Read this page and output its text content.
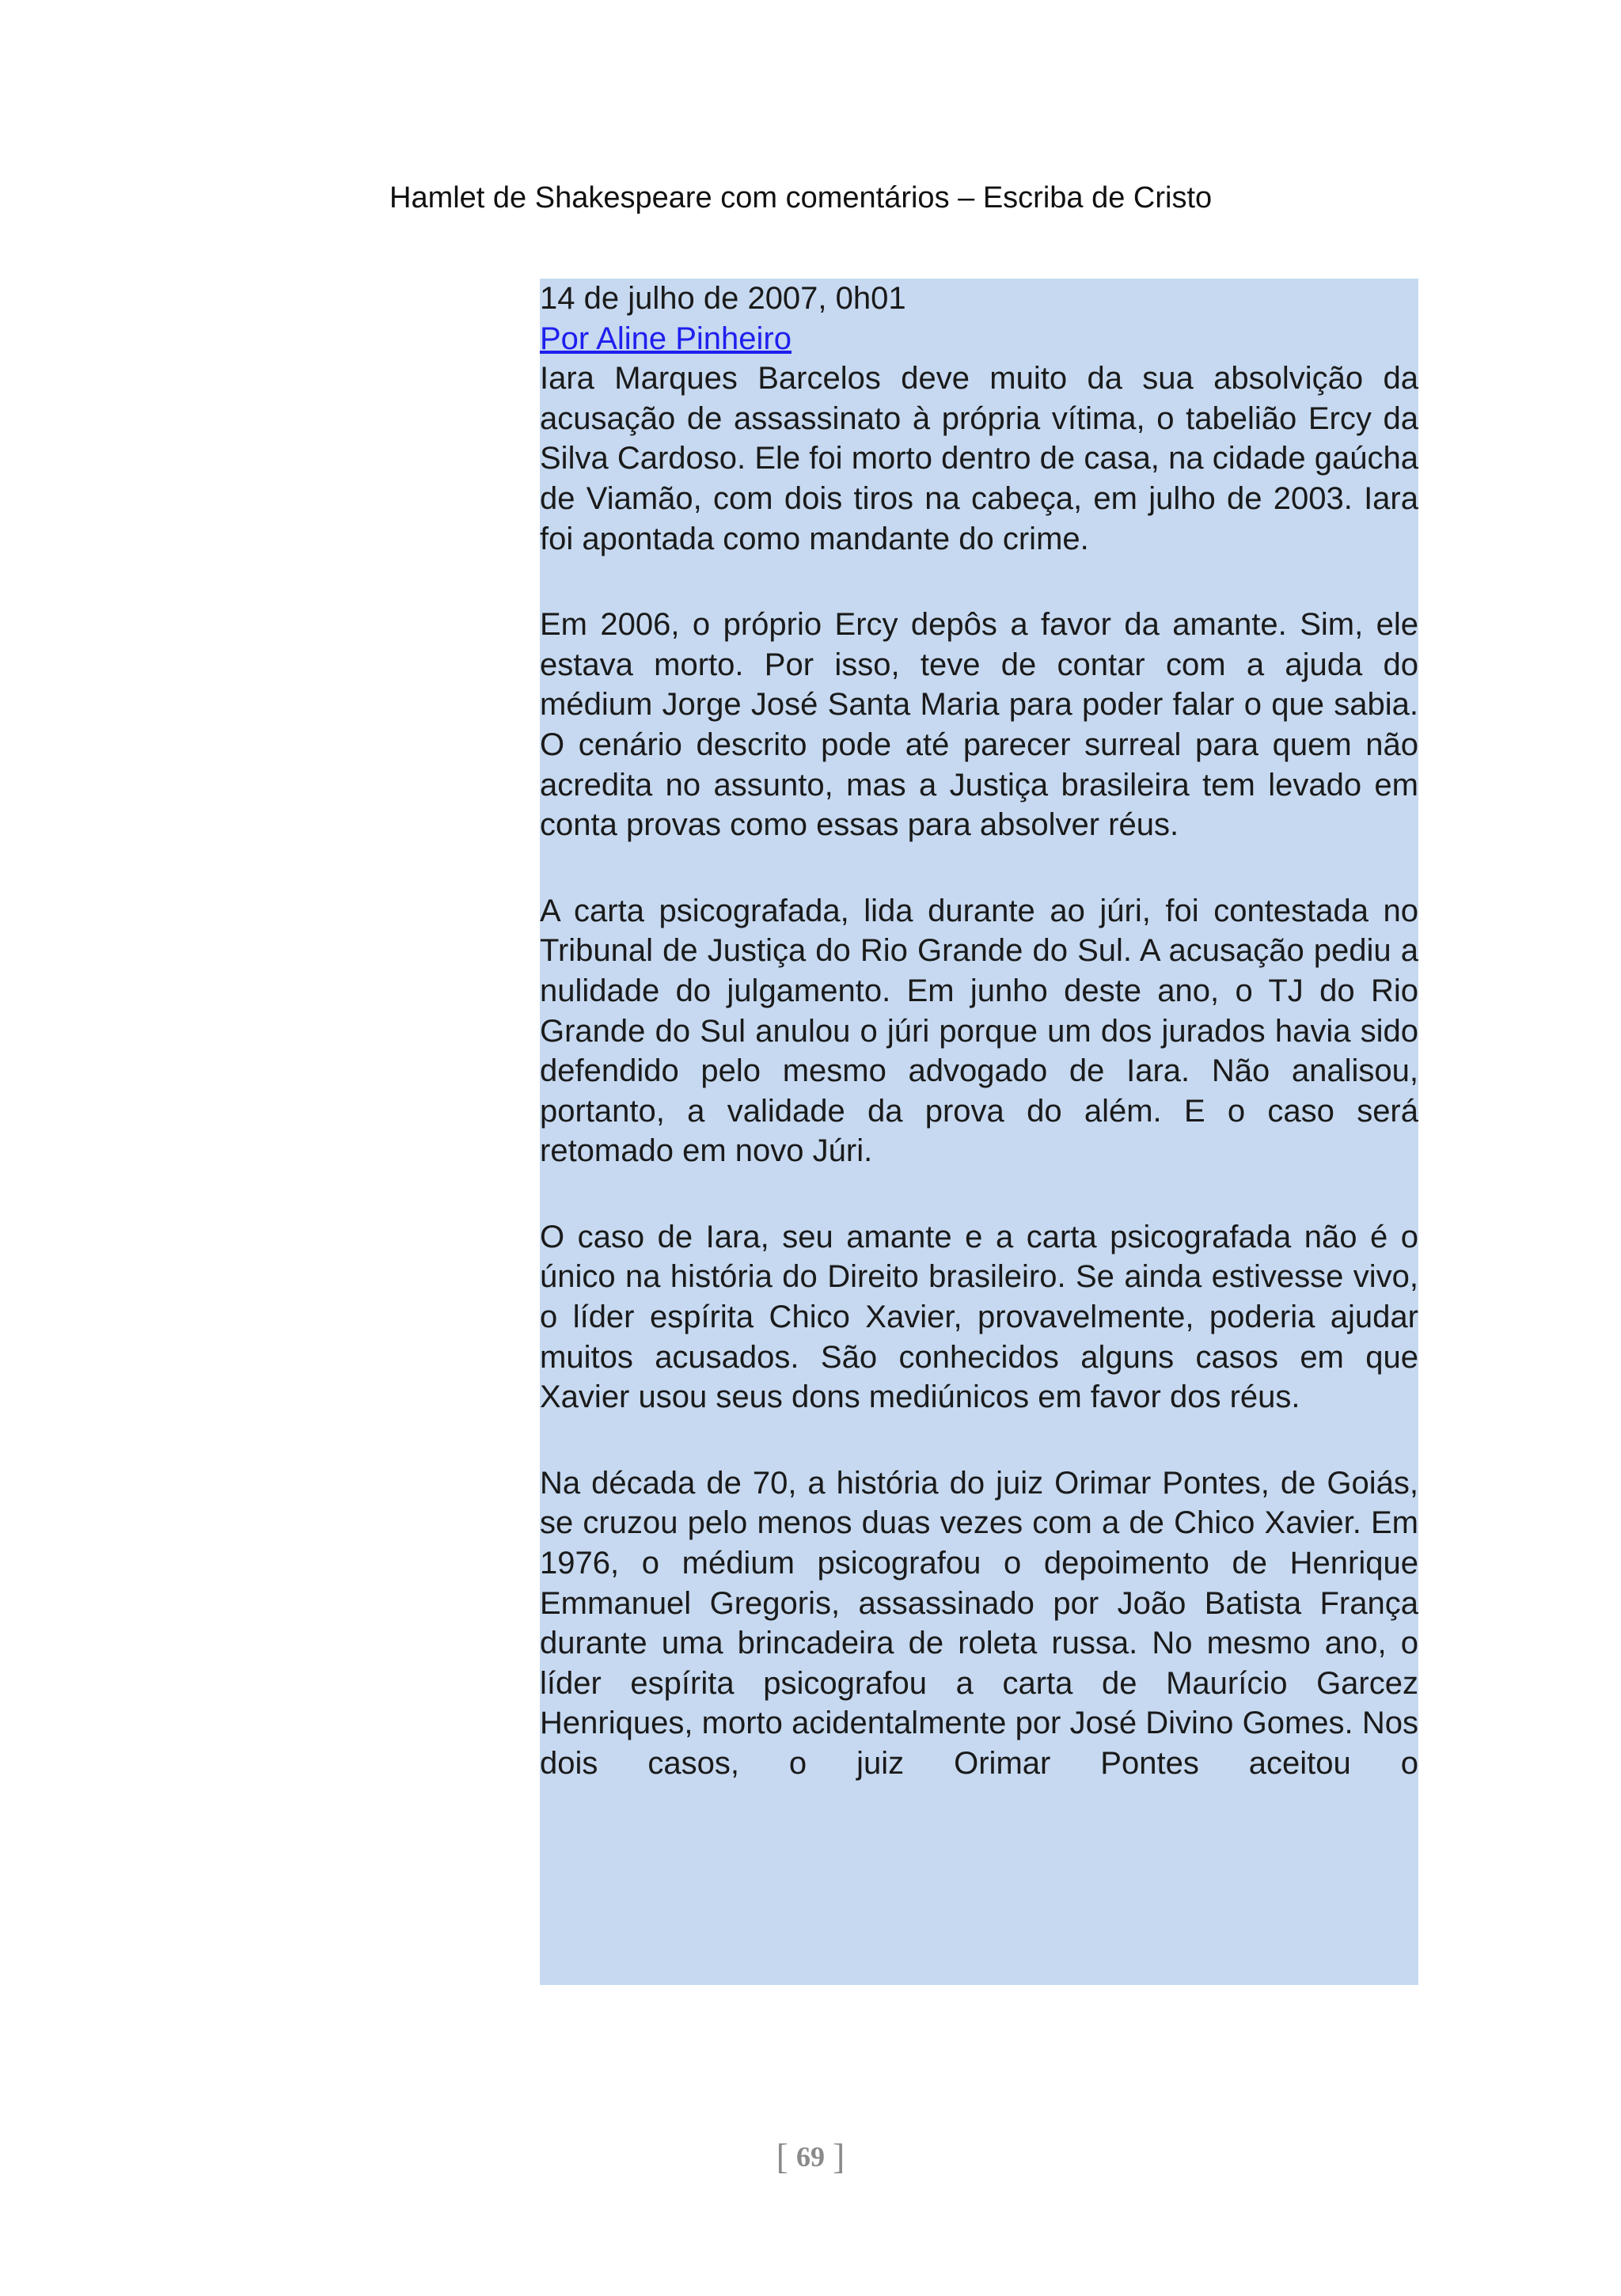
Hamlet de Shakespeare com comentários – Escriba de Cristo
14 de julho de 2007, 0h01
Por Aline Pinheiro

Iara Marques Barcelos deve muito da sua absolvição da acusação de assassinato à própria vítima, o tabelião Ercy da Silva Cardoso. Ele foi morto dentro de casa, na cidade gaúcha de Viamão, com dois tiros na cabeça, em julho de 2003. Iara foi apontada como mandante do crime.

Em 2006, o próprio Ercy depôs a favor da amante. Sim, ele estava morto. Por isso, teve de contar com a ajuda do médium Jorge José Santa Maria para poder falar o que sabia. O cenário descrito pode até parecer surreal para quem não acredita no assunto, mas a Justiça brasileira tem levado em conta provas como essas para absolver réus.

A carta psicografada, lida durante ao júri, foi contestada no Tribunal de Justiça do Rio Grande do Sul. A acusação pediu a nulidade do julgamento. Em junho deste ano, o TJ do Rio Grande do Sul anulou o júri porque um dos jurados havia sido defendido pelo mesmo advogado de Iara. Não analisou, portanto, a validade da prova do além. E o caso será retomado em novo Júri.

O caso de Iara, seu amante e a carta psicografada não é o único na história do Direito brasileiro. Se ainda estivesse vivo, o líder espírita Chico Xavier, provavelmente, poderia ajudar muitos acusados. São conhecidos alguns casos em que Xavier usou seus dons mediúnicos em favor dos réus.

Na década de 70, a história do juiz Orimar Pontes, de Goiás, se cruzou pelo menos duas vezes com a de Chico Xavier. Em 1976, o médium psicografou o depoimento de Henrique Emmanuel Gregoris, assassinado por João Batista França durante uma brincadeira de roleta russa. No mesmo ano, o líder espírita psicografou a carta de Maurício Garcez Henriques, morto acidentalmente por José Divino Gomes. Nos dois casos, o juiz Orimar Pontes aceitou o

[ 69 ]
